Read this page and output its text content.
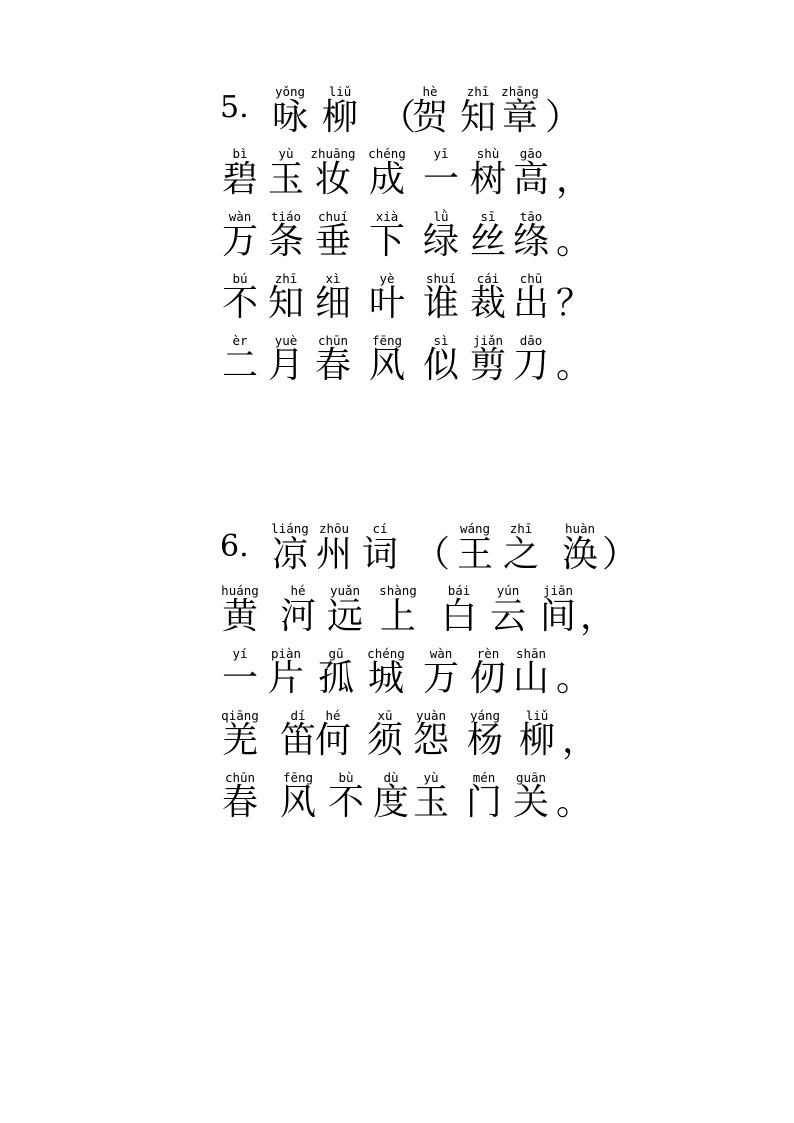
5. yǒng
咏
liǔ
柳 （
hè
贺
zhī
知
zhāng
章 ）
bì
碧
yù
玉
zhuāng
妆
chéng
成
yī
一
shù
树
gāo
高 ，
wàn
万
tiáo
条
chuí
垂
xià
下
lǜ
绿
sī
丝
tāo
绦 。
bú
不
zhī
知
xì
细
yè
叶
shuí
谁
cái
裁
chū
出 ？
èr
二
yuè
月
chūn
春
fēng
风
sì
似
jiǎn
剪
dāo
刀 。
6.
liáng
凉
zhōu
州
cí
词 （
wáng
王
zhī
之
huàn
涣 ）
huáng
黄
hé
河
yuǎn
远
shàng
上
bái
白
yún
云
jiān
间 ，
yí
一
piàn
片
gū
孤
chéng
城
wàn
万
rèn
仞
shān
山 。
qiāng
羌
dí
笛
hé
何
xū
须
yuàn
怨
yáng
杨
liǔ
柳 ，
chūn
春
fēng
风
bù
不
dù
度
yù
玉
mén
门
guān
关 。
